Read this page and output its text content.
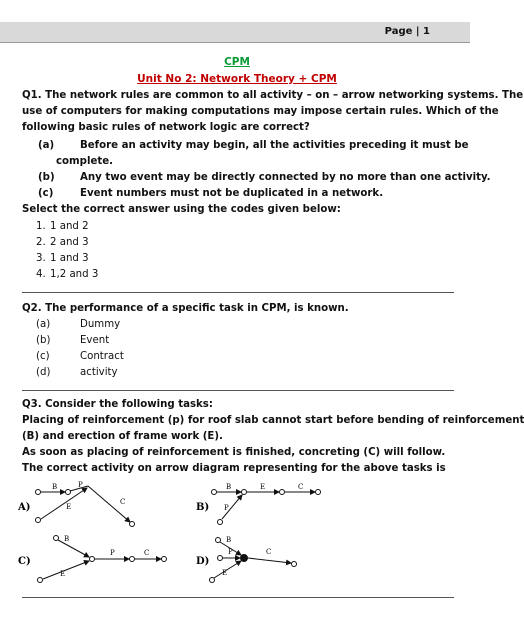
Page | 1
CPM
Unit No 2: Network Theory + CPM
Q1. The network rules are common to all activity – on – arrow networking systems. The
use of computers for making computations may impose certain rules. Which of the
following basic rules of network logic are correct?
(a)	Before an activity may begin, all the activities preceding it must be
complete.
(b) Any two event may be directly connected by no more than one activity.
(c)	Event numbers must not be duplicated in a network.
Select the correct answer using the codes given below:
1. 1 and 2
2. 2 and 3
3. 1 and 3
4. 1,2 and 3
Q2. The performance of a specific task in CPM, is known.
(a)	Dummy
(b)	Event
(c)	Contract
(d)	activity
Q3. Consider the following tasks:
Placing of reinforcement (p) for roof slab cannot start before bending of reinforcement
(B) and erection of frame work (E).
As soon as placing of reinforcement is finished, concreting (C) will follow.
The correct activity on arrow diagram representing for the above tasks is
A)
B	P
E
C	B)
B	E	C
P
C)
B
E
P	C
D)
B
P	C
E
